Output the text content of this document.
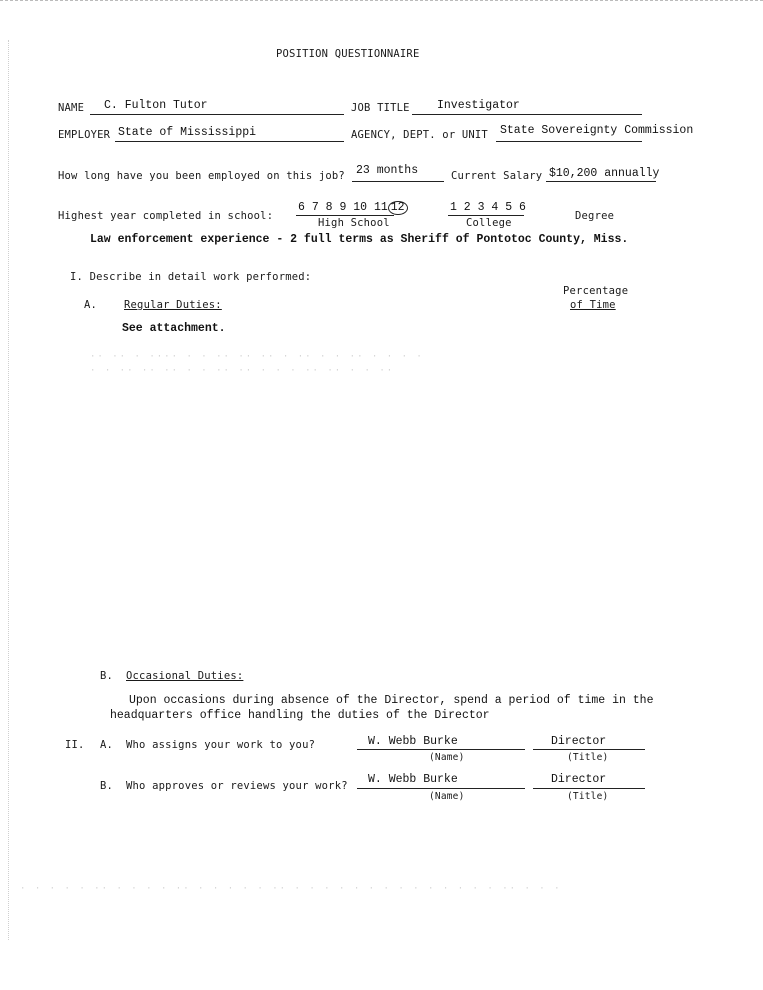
POSITION QUESTIONNAIRE
NAME C. Fulton Tutor	JOB TITLE Investigator
EMPLOYER State of Mississippi	AGENCY, DEPT. or UNIT State Sovereignty Commission
How long have you been employed on this job? 23 months	Current Salary $10,200 annually
Highest year completed in school:
6 7 8 9 10 11 12
High School
1 2 3 4 5 6
College
Degree
Law enforcement experience - 2 full terms as Sheriff of Pontotoc County, Miss.
I. Describe in detail work performed:
Percentage
A.	Regular Duties:	of Time
See attachment.
·· ·· · ···· · · ·· ·· ·· · ·· · · ·· · · · ·
· · ·· ·· ·· · · ·· ·· · · · ·· ·· · · ··
B. Occasional Duties:
Upon occasions during absence of the Director, spend a period of time in the
headquarters office handling the duties of the Director
II. A. Who assigns your work to you?	W. Webb Burke	Director
(Name)	(Title)
B. Who approves or reviews your work? W. Webb Burke	Director
(Name)	(Title)
· · · · · ·· · · · · ·· · · · · · ·· · · · · · · · · · · · · · · ·· · · ·
